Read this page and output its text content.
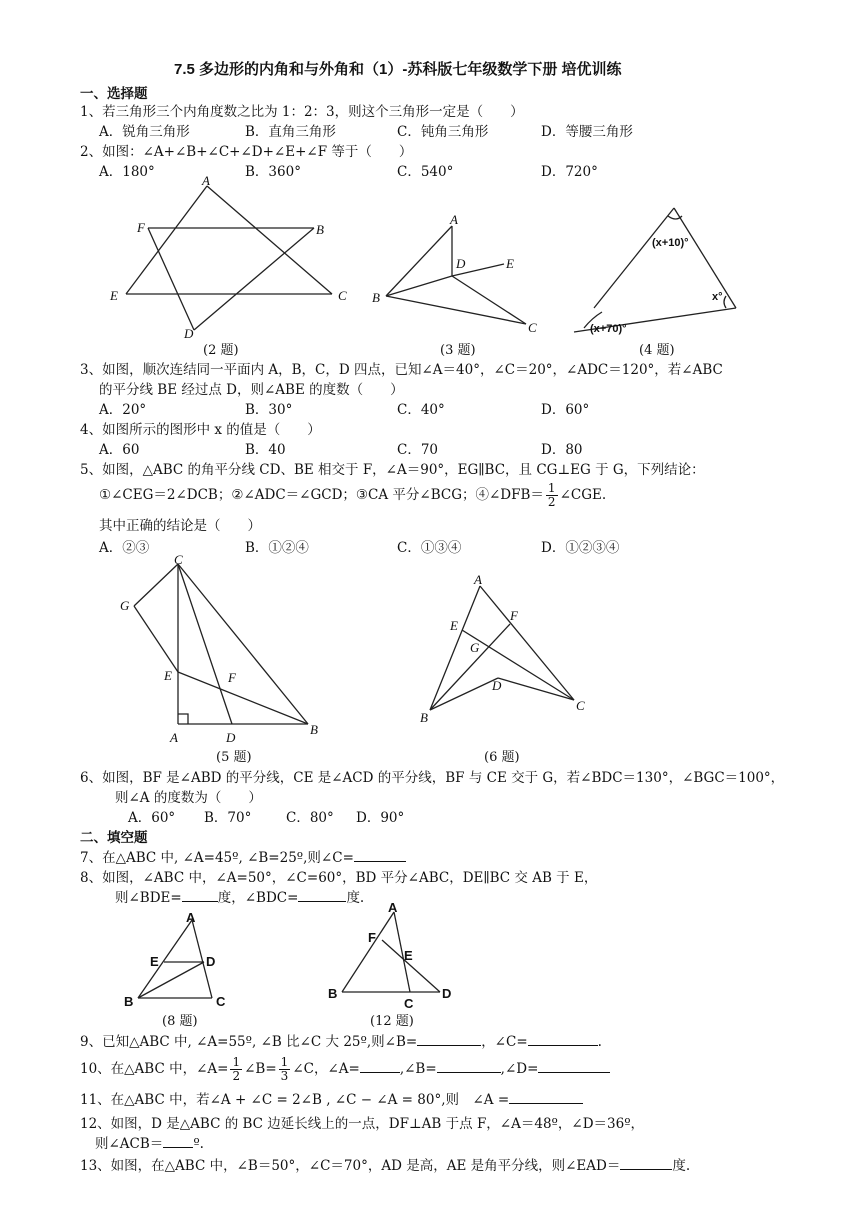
7.5 多边形的内角和与外角和（1）-苏科版七年级数学下册 培优训练
一、选择题
1、若三角形三个内角度数之比为 1：2：3，则这个三角形一定是（　　）
A．锐角三角形	B．直角三角形	C．钝角三角形	D．等腰三角形
2、如图：∠A+∠B+∠C+∠D+∠E+∠F 等于（　　）
A．180°	B．360°	C．540°	D．720°
A
B
C
D
E
F
(2 题)
A
B
C
D	E
(3 题)
(x+10)°
x°
(x+70)°
(4 题)
3、如图，顺次连结同一平面内 A，B，C，D 四点，已知∠A＝40°，∠C＝20°，∠ADC＝120°，若∠ABC
的平分线 BE 经过点 D，则∠ABE 的度数（　　）
A．20°	B．30°	C．40°	D．60°
4、如图所示的图形中 x 的值是（　　）
A．60	B．40	C．70	D．80
5、如图，△ABC 的角平分线 CD、BE 相交于 F，∠A＝90°，EG∥BC，且 CG⊥EG 于 G，下列结论：
①∠CEG＝2∠DCB；②∠ADC＝∠GCD；③CA 平分∠BCG；④∠DFB＝ $\frac{1}{2}$ ∠CGE.
其中正确的结论是（　　）
A．②③	B．①②④	C．①③④	D．①②③④
C
G
E	F
A	D
B
(5 题)
A
E
F
G
D
B
C
(6 题)
6、如图，BF 是∠ABD 的平分线，CE 是∠ACD 的平分线，BF 与 CE 交于 G，若∠BDC＝130°，∠BGC＝100°，
则∠A 的度数为（　　）
A．60° B．70°	C．80° D．90°
二、填空题
7、在△ABC 中, ∠A=45º, ∠B=25º,则∠C=
8、如图，∠ABC 中，∠A=50°，∠C=60°，BD 平分∠ABC，DE∥BC 交 AB 于 E，
则∠BDE=	度，∠BDC=	度.
A
E	D
B	C
(8 题)
A
F
E
B
C
D
(12 题)
9、已知△ABC 中, ∠A=55º, ∠B 比∠C 大 25º,则∠B=	，∠C=	.
10、在△ABC 中，∠A= $\frac{1}{2}$ ∠B= $\frac{1}{3}$ ∠C，∠A=	,∠B=	,∠D=
11、在△ABC 中，若∠A + ∠C = 2∠B , ∠C − ∠A = 80°,则　∠A =
12、如图，D 是△ABC 的 BC 边延长线上的一点，DF⊥AB 于点 F，∠A＝48º，∠D＝36º，
则∠ACB＝ º.
13、如图，在△ABC 中，∠B＝50°，∠C＝70°，AD 是高，AE 是角平分线，则∠EAD＝	度.
